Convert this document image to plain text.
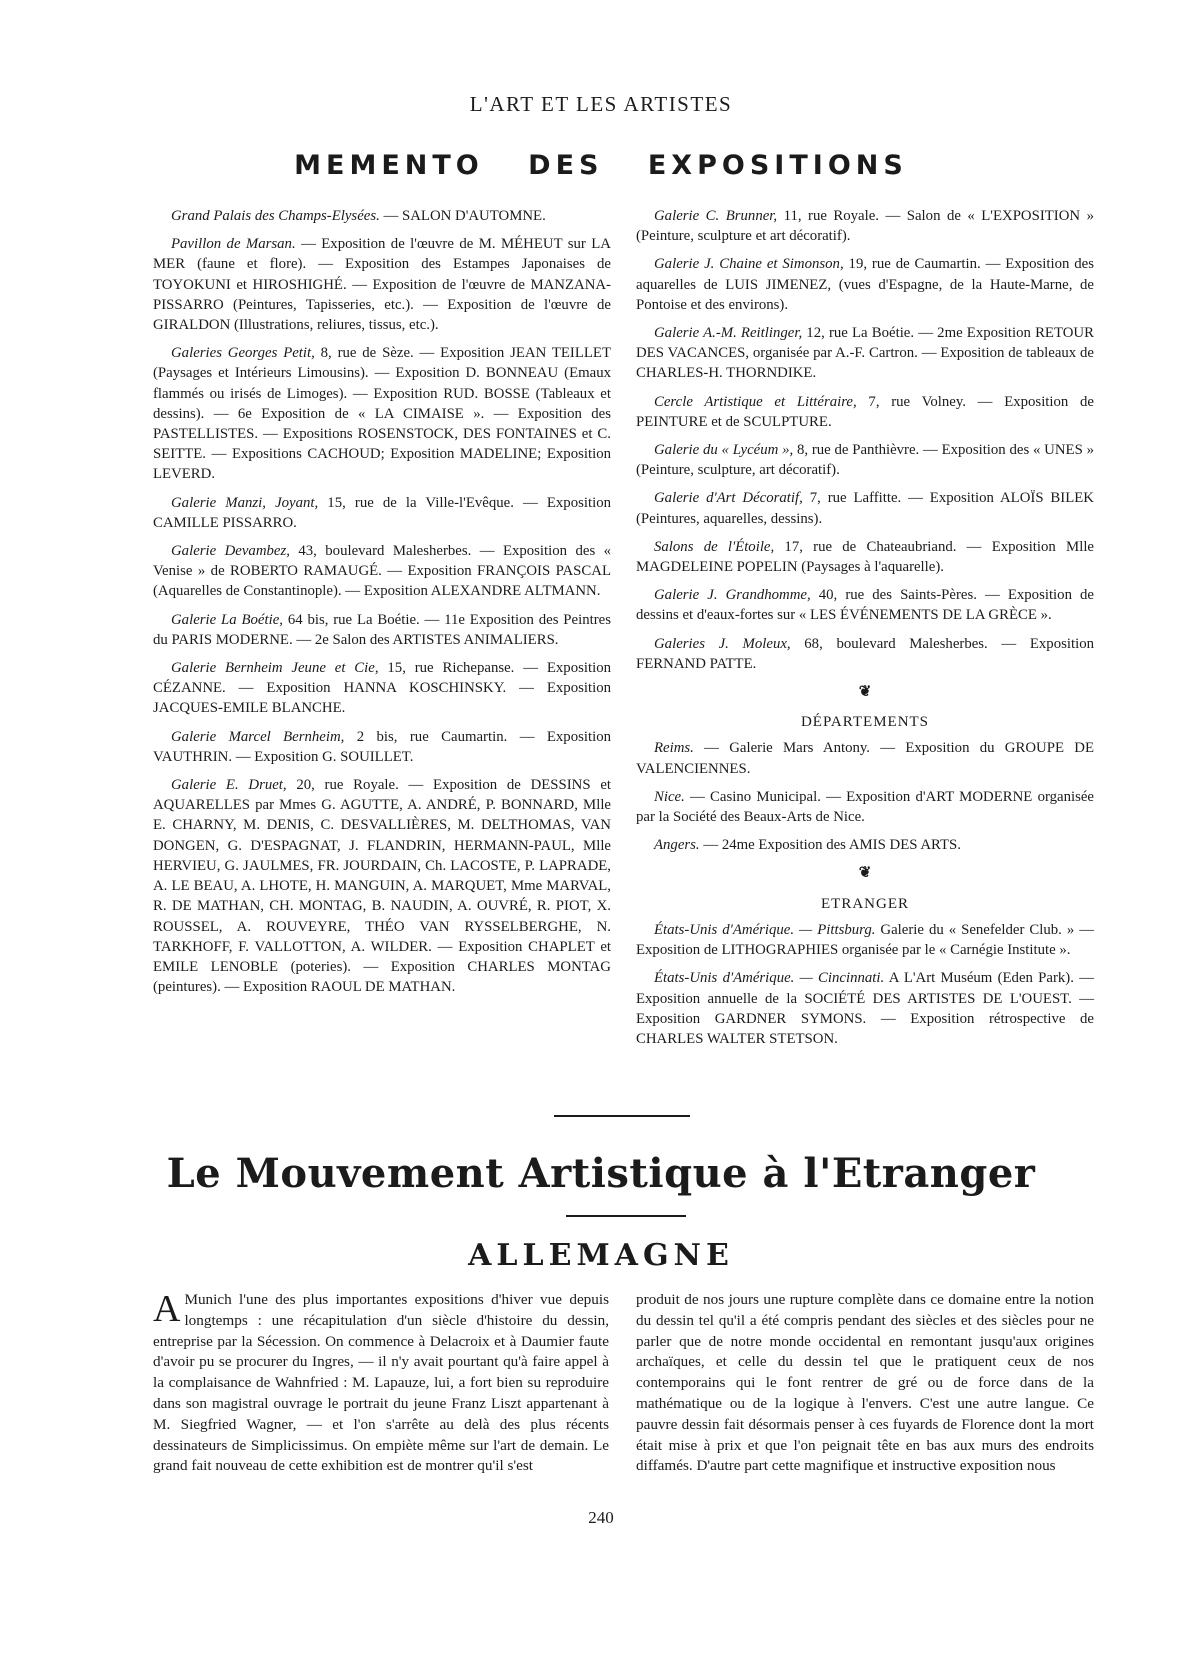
L'ART ET LES ARTISTES
MEMENTO DES EXPOSITIONS

Grand Palais des Champs-Elysées. — SALON D'AUTOMNE.

Pavillon de Marsan. — Exposition de l'œuvre de M. MÉHEUT sur LA MER (faune et flore). — Exposition des Estampes Japonaises de TOYOKUNI et HIROSHIGHÉ. — Exposition de l'œuvre de MANZANA-PISSARRO (Peintures, Tapisseries, etc.). — Exposition de l'œuvre de GIRALDON (Illustrations, reliures, tissus, etc.).

Galeries Georges Petit, 8, rue de Sèze. — Exposition JEAN TEILLET (Paysages et Intérieurs Limousins). — Exposition D. BONNEAU (Emaux flammés ou irisés de Limoges). — Exposition RUD. BOSSE (Tableaux et dessins). — 6e Exposition de « LA CIMAISE ». — Exposition des PASTELLISTES. — Expositions ROSENSTOCK, DES FONTAINES et C. SEITTE. — Expositions CACHOUD; Exposition MADELINE; Exposition LEVERD.

Galerie Manzi, Joyant, 15, rue de la Ville-l'Evêque. — Exposition CAMILLE PISSARRO.

Galerie Devambez, 43, boulevard Malesherbes. — Exposition des « Venise » de ROBERTO RAMAUGÉ. — Exposition FRANÇOIS PASCAL (Aquarelles de Constantinople). — Exposition ALEXANDRE ALTMANN.

Galerie La Boétie, 64 bis, rue La Boétie. — 11e Exposition des Peintres du PARIS MODERNE. — 2e Salon des ARTISTES ANIMALIERS.

Galerie Bernheim Jeune et Cie, 15, rue Richepanse. — Exposition CÉZANNE. — Exposition HANNA KOSCHINSKY. — Exposition JACQUES-EMILE BLANCHE.

Galerie Marcel Bernheim, 2 bis, rue Caumartin. — Exposition VAUTHRIN. — Exposition G. SOUILLET.

Galerie E. Druet, 20, rue Royale. — Exposition de DESSINS et AQUARELLES par Mmes G. AGUTTE, A. ANDRÉ, P. BONNARD, Mlle E. CHARNY, M. DENIS, C. DESVALLIÈRES, M. DELTHOMAS, VAN DONGEN, G. D'ESPAGNAT, J. FLANDRIN, HERMANN-PAUL, Mlle HERVIEU, G. JAULMES, FR. JOURDAIN, Ch. LACOSTE, P. LAPRADE, A. LE BEAU, A. LHOTE, H. MANGUIN, A. MARQUET, Mme MARVAL, R. DE MATHAN, CH. MONTAG, B. NAUDIN, A. OUVRÉ, R. PIOT, X. ROUSSEL, A. ROUVEYRE, THÉO VAN RYSSELBERGHE, N. TARKHOFF, F. VALLOTTON, A. WILDER. — Exposition CHAPLET et EMILE LENOBLE (poteries). — Exposition CHARLES MONTAG (peintures). — Exposition RAOUL DE MATHAN.

Galerie C. Brunner, 11, rue Royale. — Salon de « L'EXPOSITION » (Peinture, sculpture et art décoratif).

Galerie J. Chaine et Simonson, 19, rue de Caumartin. — Exposition des aquarelles de LUIS JIMENEZ, (vues d'Espagne, de la Haute-Marne, de Pontoise et des environs).

Galerie A.-M. Reitlinger, 12, rue La Boétie. — 2me Exposition RETOUR DES VACANCES, organisée par A.-F. Cartron. — Exposition de tableaux de CHARLES-H. THORNDIKE.

Cercle Artistique et Littéraire, 7, rue Volney. — Exposition de PEINTURE et de SCULPTURE.

Galerie du « Lycéum », 8, rue de Panthièvre. — Exposition des « UNES » (Peinture, sculpture, art décoratif).

Galerie d'Art Décoratif, 7, rue Laffitte. — Exposition ALOÏS BILEK (Peintures, aquarelles, dessins).

Salons de l'Étoile, 17, rue de Chateaubriand. — Exposition Mlle MAGDELEINE POPELIN (Paysages à l'aquarelle).

Galerie J. Grandhomme, 40, rue des Saints-Pères. — Exposition de dessins et d'eaux-fortes sur « LES ÉVÉNEMENTS DE LA GRÈCE ».

Galeries J. Moleux, 68, boulevard Malesherbes. — Exposition FERNAND PATTE.

❦
DÉPARTEMENTS

Reims. — Galerie Mars Antony. — Exposition du GROUPE DE VALENCIENNES.

Nice. — Casino Municipal. — Exposition d'ART MODERNE organisée par la Société des Beaux-Arts de Nice.

Angers. — 24me Exposition des AMIS DES ARTS.

❦
ETRANGER

États-Unis d'Amérique. — Pittsburg. Galerie du « Senefelder Club. » — Exposition de LITHOGRAPHIES organisée par le « Carnégie Institute ».

États-Unis d'Amérique. — Cincinnati. A L'Art Muséum (Eden Park). — Exposition annuelle de la SOCIÉTÉ DES ARTISTES DE L'OUEST. — Exposition GARDNER SYMONS. — Exposition rétrospective de CHARLES WALTER STETSON.

Le Mouvement Artistique à l'Etranger
ALLEMAGNE
A Munich l'une des plus importantes expositions d'hiver vue depuis longtemps : une récapitulation d'un siècle d'histoire du dessin, entreprise par la Sécession. On commence à Delacroix et à Daumier faute d'avoir pu se procurer du Ingres, — il n'y avait pourtant qu'à faire appel à la complaisance de Wahnfried : M. Lapauze, lui, a fort bien su reproduire dans son magistral ouvrage le portrait du jeune Franz Liszt appartenant à M. Siegfried Wagner, — et l'on s'arrête au delà des plus récents dessinateurs de Simplicissimus. On empiète même sur l'art de demain. Le grand fait nouveau de cette exhibition est de montrer qu'il s'est
produit de nos jours une rupture complète dans ce domaine entre la notion du dessin tel qu'il a été compris pendant des siècles et des siècles pour ne parler que de notre monde occidental en remontant jusqu'aux origines archaïques, et celle du dessin tel que le pratiquent ceux de nos contemporains qui le font rentrer de gré ou de force dans de la mathématique ou de la logique à l'envers. C'est une autre langue. Ce pauvre dessin fait désormais penser à ces fuyards de Florence dont la mort était mise à prix et que l'on peignait tête en bas aux murs des endroits diffamés. D'autre part cette magnifique et instructive exposition nous
240
